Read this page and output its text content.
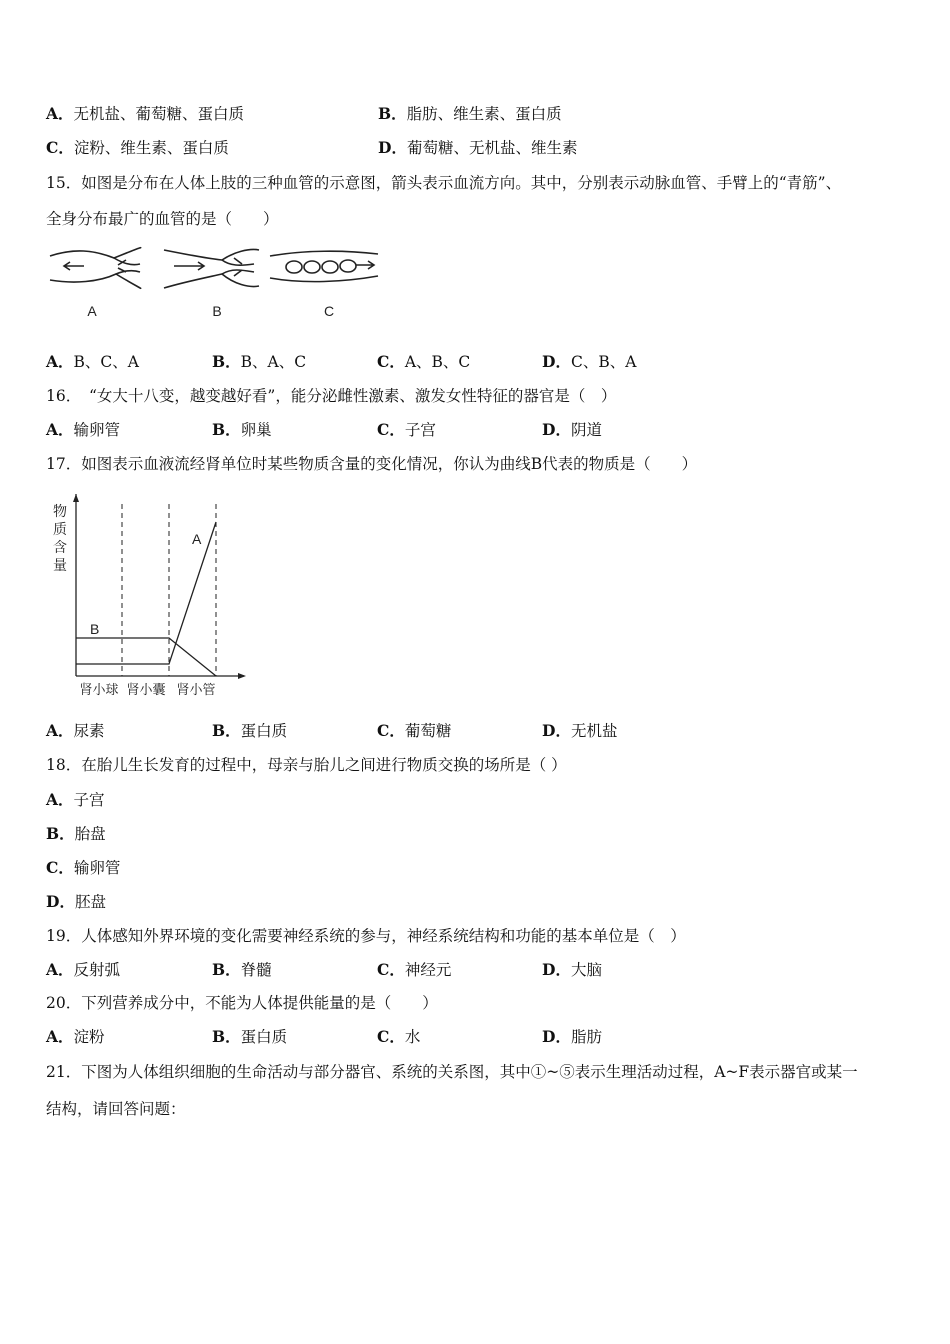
A．无机盐、葡萄糖、蛋白质	B．脂肪、维生素、蛋白质
C．淀粉、维生素、蛋白质	D．葡萄糖、无机盐、维生素
15．如图是分布在人体上肢的三种血管的示意图，箭头表示血流方向。其中，分别表示动脉血管、手臂上的“青筋”、
全身分布最广的血管的是（　　）
A	B	C
A．B、C、A	B．B、A、C	C．A、B、C	D．C、B、A
16．　“女大十八变，越变越好看”，能分泌雌性激素、激发女性特征的器官是（　）
A．输卵管	B．卵巢	C．子宫	D．阴道
17．如图表示血液流经肾单位时某些物质含量的变化情况，你认为曲线B代表的物质是（　　）
物
质
含
量
A
B
肾小球 肾小囊 肾小管
A．尿素	B．蛋白质	C．葡萄糖	D．无机盐
18．在胎儿生长发育的过程中，母亲与胎儿之间进行物质交换的场所是（ ）
A．子宫
B．胎盘
C．输卵管
D．胚盘
19．人体感知外界环境的变化需要神经系统的参与，神经系统结构和功能的基本单位是（　）
A．反射弧	B．脊髓	C．神经元	D．大脑
20．下列营养成分中，不能为人体提供能量的是（　　）
A．淀粉	B．蛋白质	C．水	D．脂肪
21．下图为人体组织细胞的生命活动与部分器官、系统的关系图，其中①~⑤表示生理活动过程，A~F表示器官或某一
结构，请回答问题：
